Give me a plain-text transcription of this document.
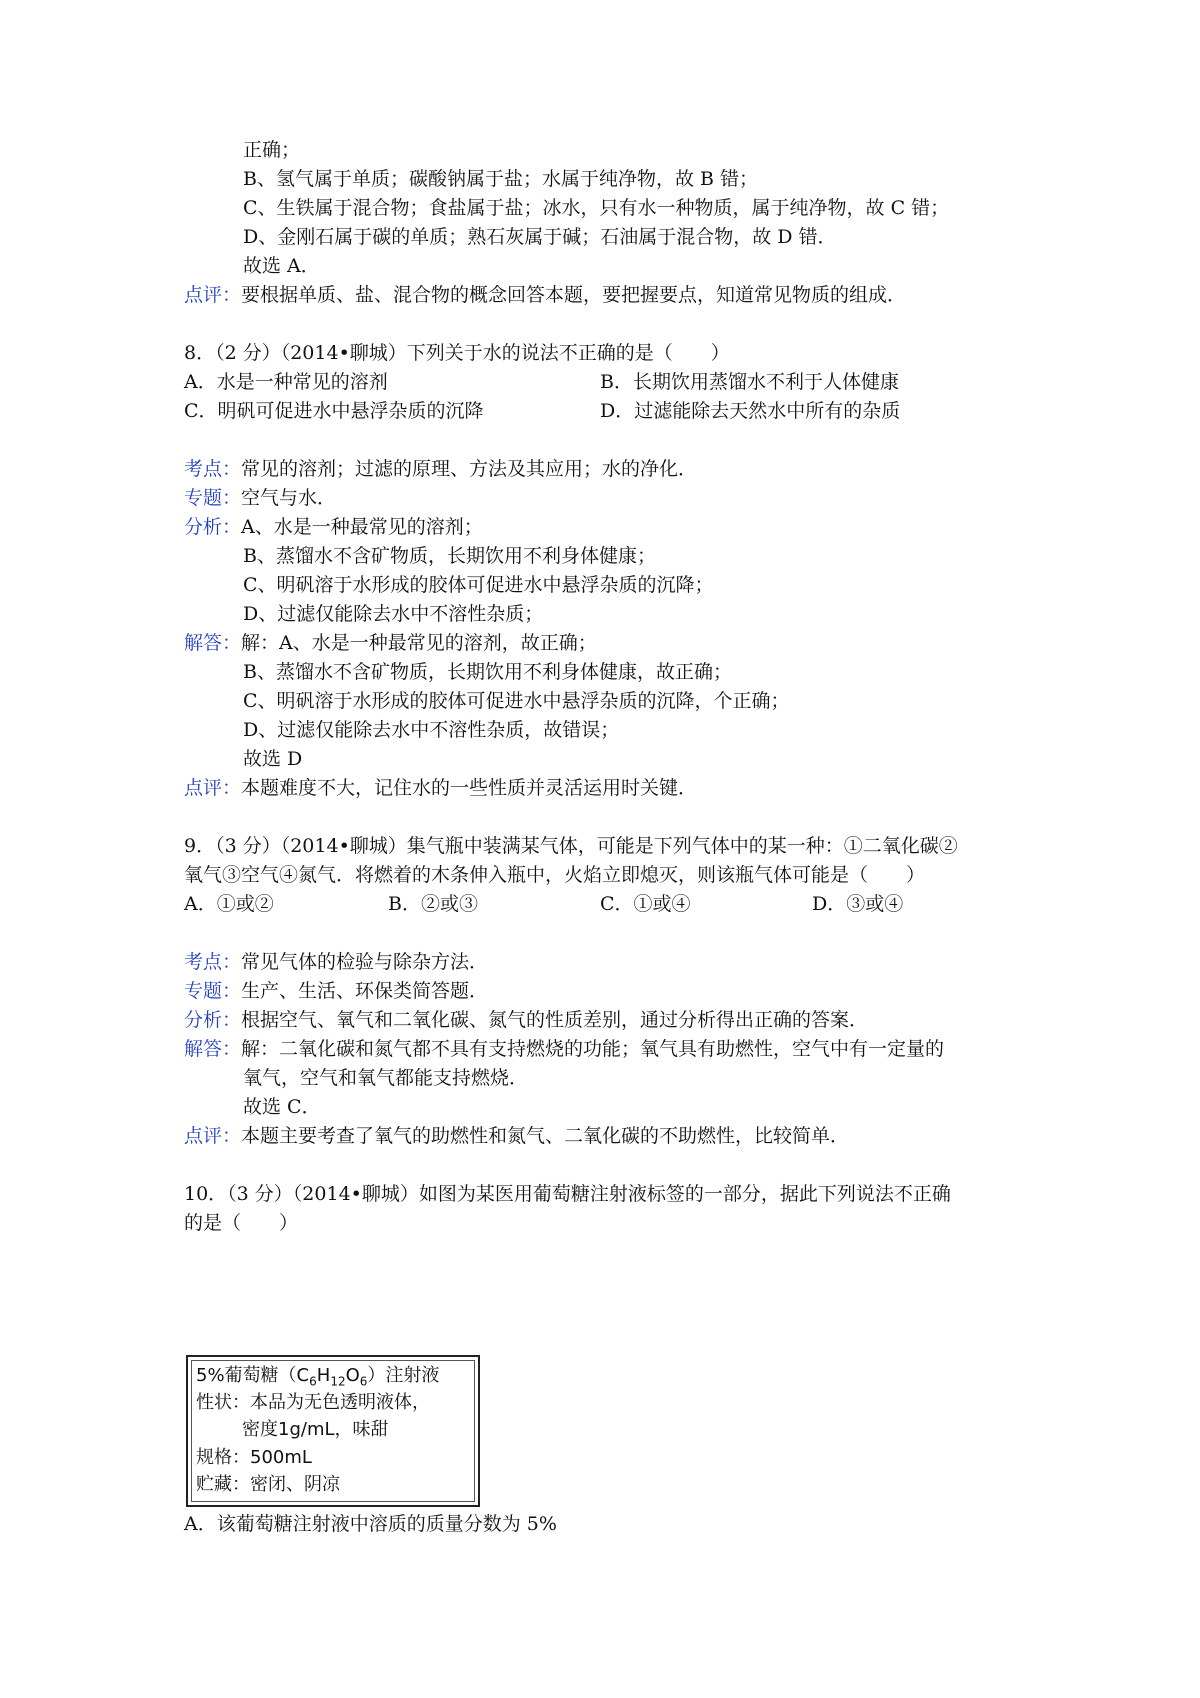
正确；
B、氢气属于单质；碳酸钠属于盐；水属于纯净物，故 B 错；
C、生铁属于混合物；食盐属于盐；冰水，只有水一种物质，属于纯净物，故 C 错；
D、金刚石属于碳的单质；熟石灰属于碱；石油属于混合物，故 D 错．
故选 A．
点评：要根据单质、盐、混合物的概念回答本题，要把握要点，知道常见物质的组成．
8．（2 分）（2014•聊城）下列关于水的说法不正确的是（　　）
A．水是一种常见的溶剂	B．长期饮用蒸馏水不利于人体健康
C．明矾可促进水中悬浮杂质的沉降	D．过滤能除去天然水中所有的杂质
考点：常见的溶剂；过滤的原理、方法及其应用；水的净化．
专题：空气与水．
分析：A、水是一种最常见的溶剂；
B、蒸馏水不含矿物质，长期饮用不利身体健康；
C、明矾溶于水形成的胶体可促进水中悬浮杂质的沉降；
D、过滤仅能除去水中不溶性杂质；
解答：解：A、水是一种最常见的溶剂，故正确；
B、蒸馏水不含矿物质，长期饮用不利身体健康，故正确；
C、明矾溶于水形成的胶体可促进水中悬浮杂质的沉降，个正确；
D、过滤仅能除去水中不溶性杂质，故错误；
故选 D
点评：本题难度不大，记住水的一些性质并灵活运用时关键．
9．（3 分）（2014•聊城）集气瓶中装满某气体，可能是下列气体中的某一种：①二氧化碳②
氧气③空气④氮气．将燃着的木条伸入瓶中，火焰立即熄灭，则该瓶气体可能是（　　）
A．①或②	B．②或③	C．①或④	D．③或④
考点：常见气体的检验与除杂方法．
专题：生产、生活、环保类简答题．
分析：根据空气、氧气和二氧化碳、氮气的性质差别，通过分析得出正确的答案．
解答：解：二氧化碳和氮气都不具有支持燃烧的功能；氧气具有助燃性，空气中有一定量的
氧气，空气和氧气都能支持燃烧．
故选 C．
点评：本题主要考查了氧气的助燃性和氮气、二氧化碳的不助燃性，比较简单．
10．（3 分）（2014•聊城）如图为某医用葡萄糖注射液标签的一部分，据此下列说法不正确
的是（　　）
5%葡萄糖$(C_6H_{12}O_6)$注射液
性状：本品为无色透明液体，
密度1g/mL，味甜
规格：500mL
贮藏：密闭、阴凉
A．该葡萄糖注射液中溶质的质量分数为 5%
